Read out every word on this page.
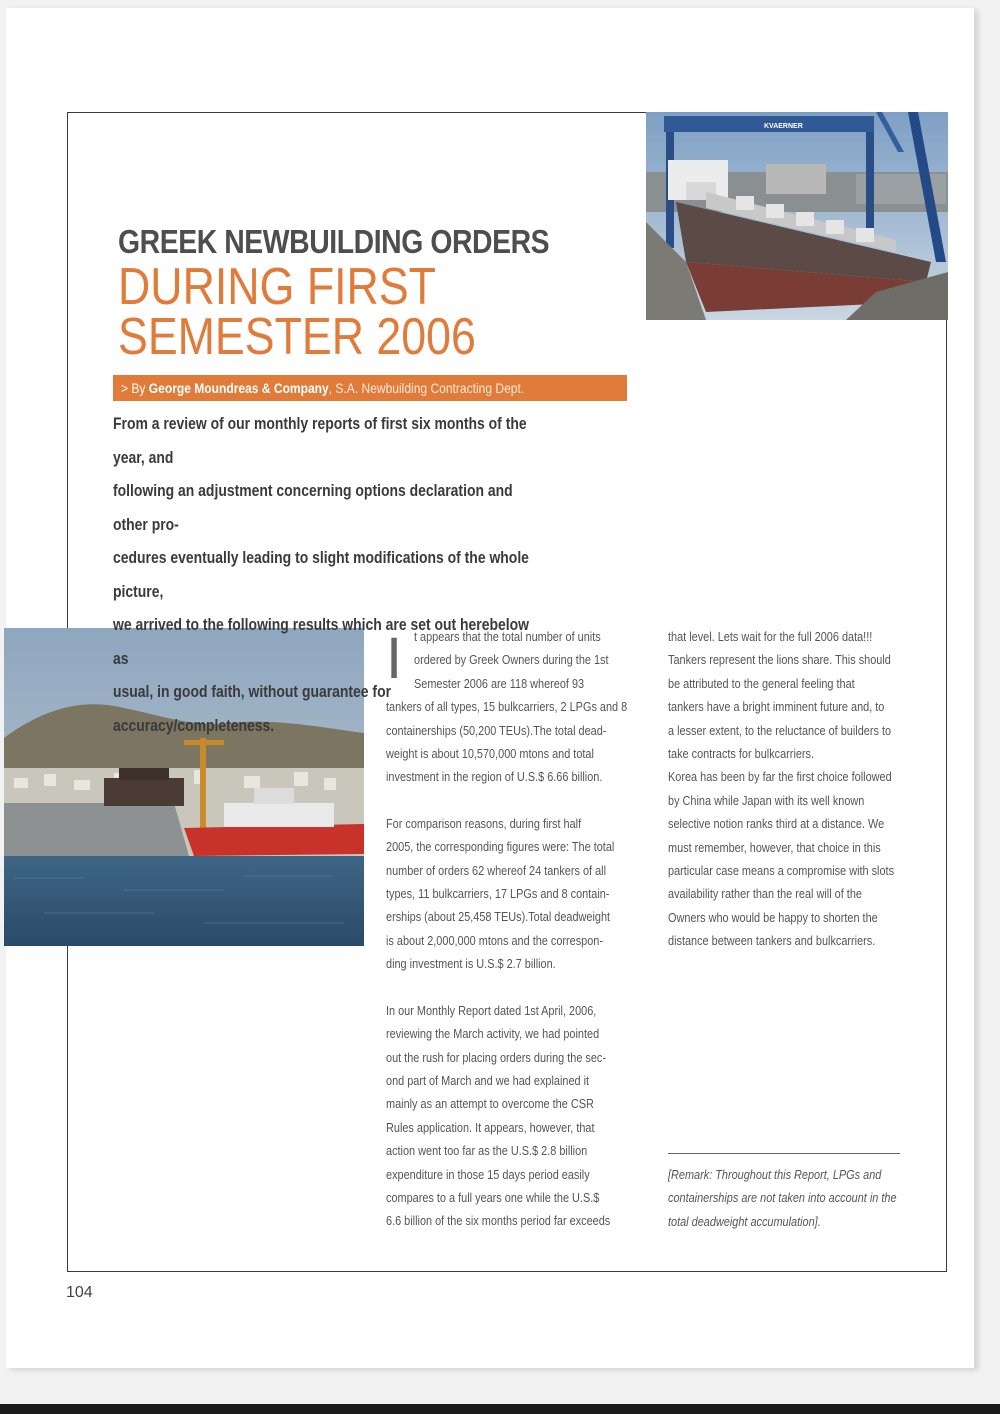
KVAERNER
GREEK NEWBUILDING ORDERS
DURING FIRST
SEMESTER 2006
> By George Moundreas & Company, S.A. Newbuilding Contracting Dept.
From a review of our monthly reports of first six months of the year, and
following an adjustment concerning options declaration and other pro-
cedures eventually leading to slight modifications of the whole picture,
we arrived to the following results which are set out herebelow as
usual, in good faith, without guarantee for accuracy/completeness.
I t appears that the total number of units
ordered by Greek Owners during the 1st
Semester 2006 are 118 whereof 93
tankers of all types, 15 bulkcarriers, 2 LPGs and 8
containerships (50,200 TEUs).The total dead-
weight is about 10,570,000 mtons and total
investment in the region of U.S.$ 6.66 billion.
For comparison reasons, during first half
2005, the corresponding figures were: The total
number of orders 62 whereof 24 tankers of all
types, 11 bulkcarriers, 17 LPGs and 8 contain-
erships (about 25,458 TEUs).Total deadweight
is about 2,000,000 mtons and the correspon-
ding investment is U.S.$ 2.7 billion.
In our Monthly Report dated 1st April, 2006,
reviewing the March activity, we had pointed
out the rush for placing orders during the sec-
ond part of March and we had explained it
mainly as an attempt to overcome the CSR
Rules application. It appears, however, that
action went too far as the U.S.$ 2.8 billion
expenditure in those 15 days period easily
compares to a full years one while the U.S.$
6.6 billion of the six months period far exceeds
that level. Lets wait for the full 2006 data!!!
Tankers represent the lions share. This should
be attributed to the general feeling that
tankers have a bright imminent future and, to
a lesser extent, to the reluctance of builders to
take contracts for bulkcarriers.
Korea has been by far the first choice followed
by China while Japan with its well known
selective notion ranks third at a distance. We
must remember, however, that choice in this
particular case means a compromise with slots
availability rather than the real will of the
Owners who would be happy to shorten the
distance between tankers and bulkcarriers.
[Remark: Throughout this Report, LPGs and
containerships are not taken into account in the
total deadweight accumulation].
104
